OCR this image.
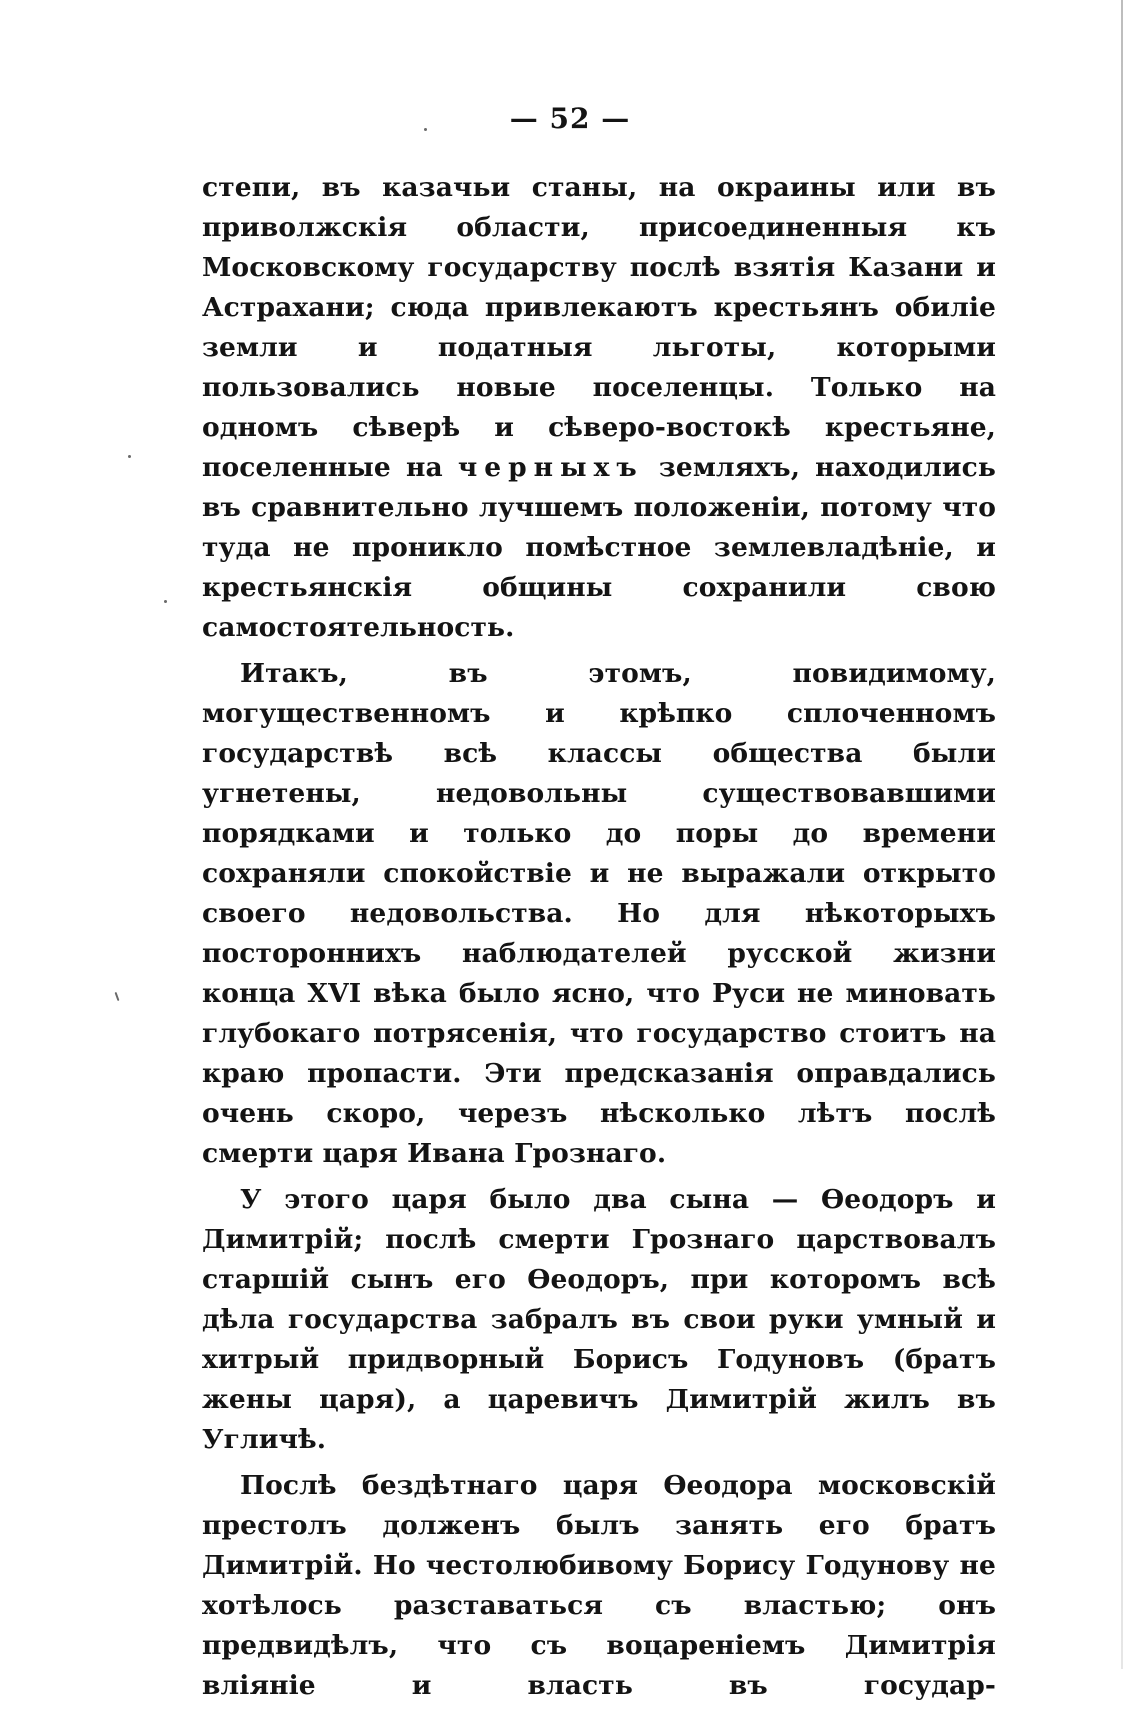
— 52 —

степи, въ казачьи станы, на окраины или въ приволжскія области, присоединенныя къ Московскому государству послѣ взятія Казани и Астрахани; сюда привлекаютъ крестьянъ обиліе земли и податныя льготы, которыми пользовались новые поселенцы. Только на одномъ сѣверѣ и сѣверо-востокѣ крестьяне, поселенные на черныхъ земляхъ, находились въ сравнительно лучшемъ положеніи, потому что туда не проникло помѣстное землевладѣніе, и крестьянскія общины сохранили свою самостоятельность.

Итакъ, въ этомъ, повидимому, могущественномъ и крѣпко сплоченномъ государствѣ всѣ классы общества были угнетены, недовольны существовавшими порядками и только до поры до времени сохраняли спокойствіе и не выражали открыто своего недовольства. Но для нѣкоторыхъ постороннихъ наблюдателей русской жизни конца XVI вѣка было ясно, что Руси не миновать глубокаго потрясенія, что государство стоитъ на краю пропасти. Эти предсказанія оправдались очень скоро, черезъ нѣсколько лѣтъ послѣ смерти царя Ивана Грознаго.

У этого царя было два сына — Ѳеодоръ и Димитрій; послѣ смерти Грознаго царствовалъ старшій сынъ его Ѳеодоръ, при которомъ всѣ дѣла государства забралъ въ свои руки умный и хитрый придворный Борисъ Годуновъ (братъ жены царя), а царевичъ Димитрій жилъ въ Угличѣ.

Послѣ бездѣтнаго царя Ѳеодора московскій престолъ долженъ былъ занять его братъ Димитрій. Но честолюбивому Борису Годунову не хотѣлось разставаться съ властью; онъ предвидѣлъ, что съ воцареніемъ Димитрія вліяніе и власть въ государ-
